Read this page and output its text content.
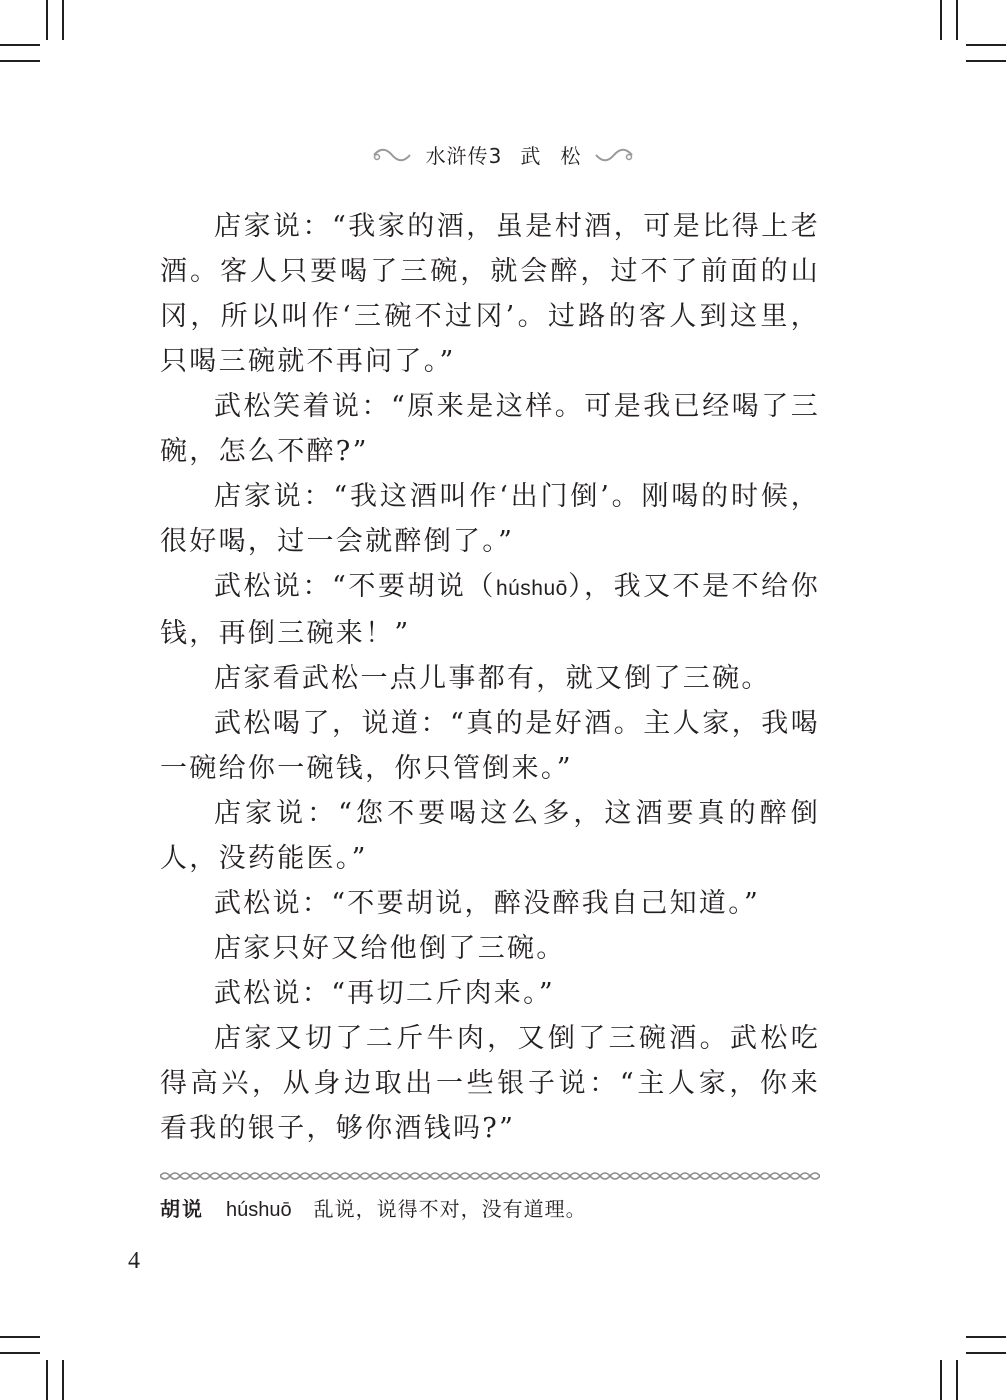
水浒传3 武松

店家说：“我家的酒，虽是村酒，可是比得上老酒。客人只要喝了三碗，就会醉，过不了前面的山冈，所以叫作‘三碗不过冈’。过路的客人到这里，只喝三碗就不再问了。”

武松笑着说：“原来是这样。可是我已经喝了三碗，怎么不醉?”

店家说：“我这酒叫作‘出门倒’。刚喝的时候，很好喝，过一会就醉倒了。”

武松说：“不要胡说（húshuō），我又不是不给你钱，再倒三碗来！”

店家看武松一点儿事都有，就又倒了三碗。

武松喝了，说道：“真的是好酒。主人家，我喝一碗给你一碗钱，你只管倒来。”

店家说：“您不要喝这么多，这酒要真的醉倒人，没药能医。”

武松说：“不要胡说，醉没醉我自己知道。”

店家只好又给他倒了三碗。

武松说：“再切二斤肉来。”

店家又切了二斤牛肉，又倒了三碗酒。武松吃得高兴，从身边取出一些银子说：“主人家，你来看我的银子，够你酒钱吗?”

胡说 húshuō 乱说，说得不对，没有道理。
4
